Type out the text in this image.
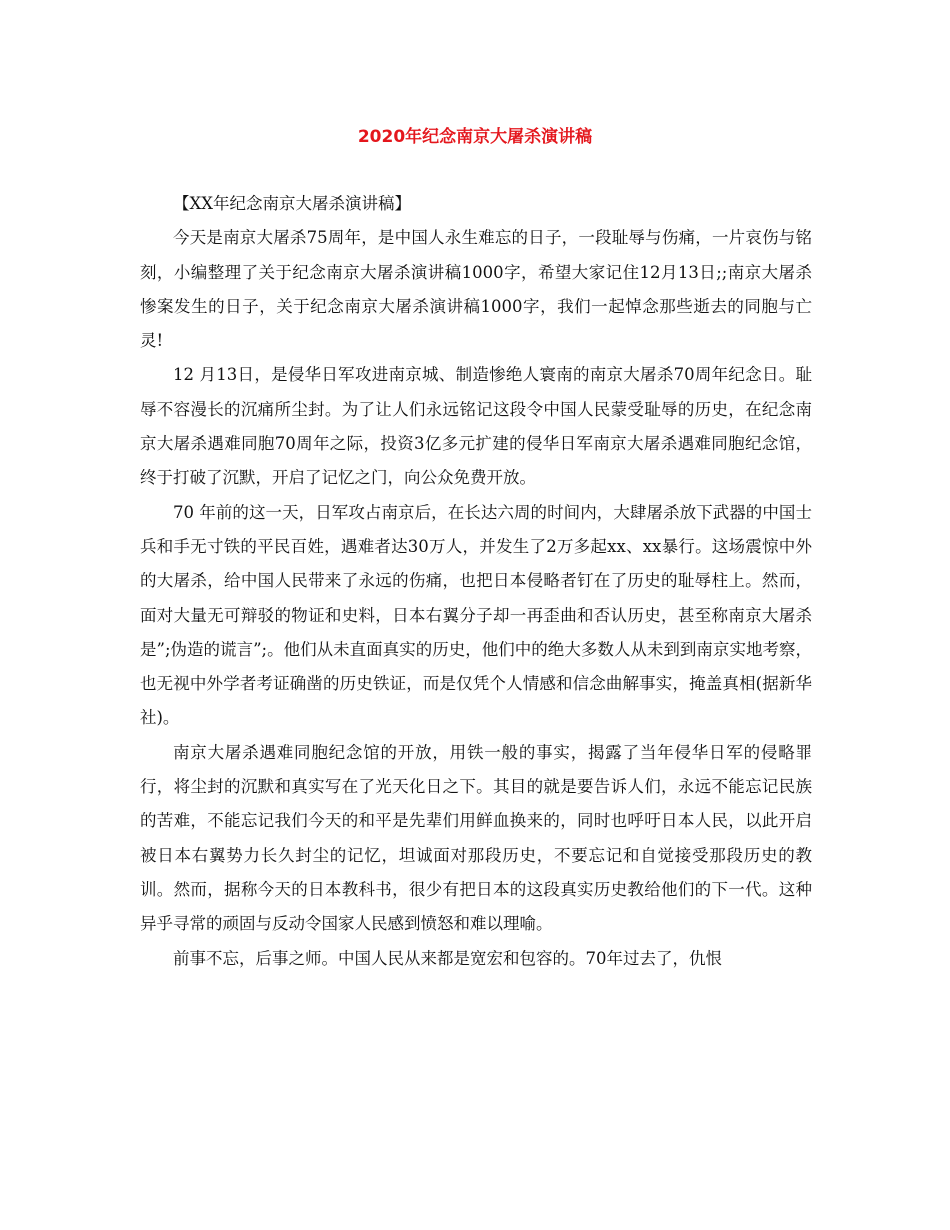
2020年纪念南京大屠杀演讲稿

【XX年纪念南京大屠杀演讲稿】

今天是南京大屠杀75周年，是中国人永生难忘的日子，一段耻辱与伤痛，一片哀伤与铭刻，小编整理了关于纪念南京大屠杀演讲稿1000字，希望大家记住12月13日;;南京大屠杀惨案发生的日子，关于纪念南京大屠杀演讲稿1000字，我们一起悼念那些逝去的同胞与亡灵!

12 月13日，是侵华日军攻进南京城、制造惨绝人寰南的南京大屠杀70周年纪念日。耻辱不容漫长的沉痛所尘封。为了让人们永远铭记这段令中国人民蒙受耻辱的历史，在纪念南京大屠杀遇难同胞70周年之际，投资3亿多元扩建的侵华日军南京大屠杀遇难同胞纪念馆，终于打破了沉默，开启了记忆之门，向公众免费开放。

70 年前的这一天，日军攻占南京后，在长达六周的时间内，大肆屠杀放下武器的中国士兵和手无寸铁的平民百姓，遇难者达30万人，并发生了2万多起xx、xx暴行。这场震惊中外的大屠杀，给中国人民带来了永远的伤痛，也把日本侵略者钉在了历史的耻辱柱上。然而，面对大量无可辩驳的物证和史料，日本右翼分子却一再歪曲和否认历史，甚至称南京大屠杀是”;伪造的谎言”;。他们从未直面真实的历史，他们中的绝大多数人从未到到南京实地考察，也无视中外学者考证确凿的历史铁证，而是仅凭个人情感和信念曲解事实，掩盖真相(据新华社)。

南京大屠杀遇难同胞纪念馆的开放，用铁一般的事实，揭露了当年侵华日军的侵略罪行，将尘封的沉默和真实写在了光天化日之下。其目的就是要告诉人们，永远不能忘记民族的苦难，不能忘记我们今天的和平是先辈们用鲜血换来的，同时也呼吁日本人民，以此开启被日本右翼势力长久封尘的记忆，坦诚面对那段历史，不要忘记和自觉接受那段历史的教训。然而，据称今天的日本教科书，很少有把日本的这段真实历史教给他们的下一代。这种异乎寻常的顽固与反动令国家人民感到愤怒和难以理喻。

前事不忘，后事之师。中国人民从来都是宽宏和包容的。70年过去了，仇恨
